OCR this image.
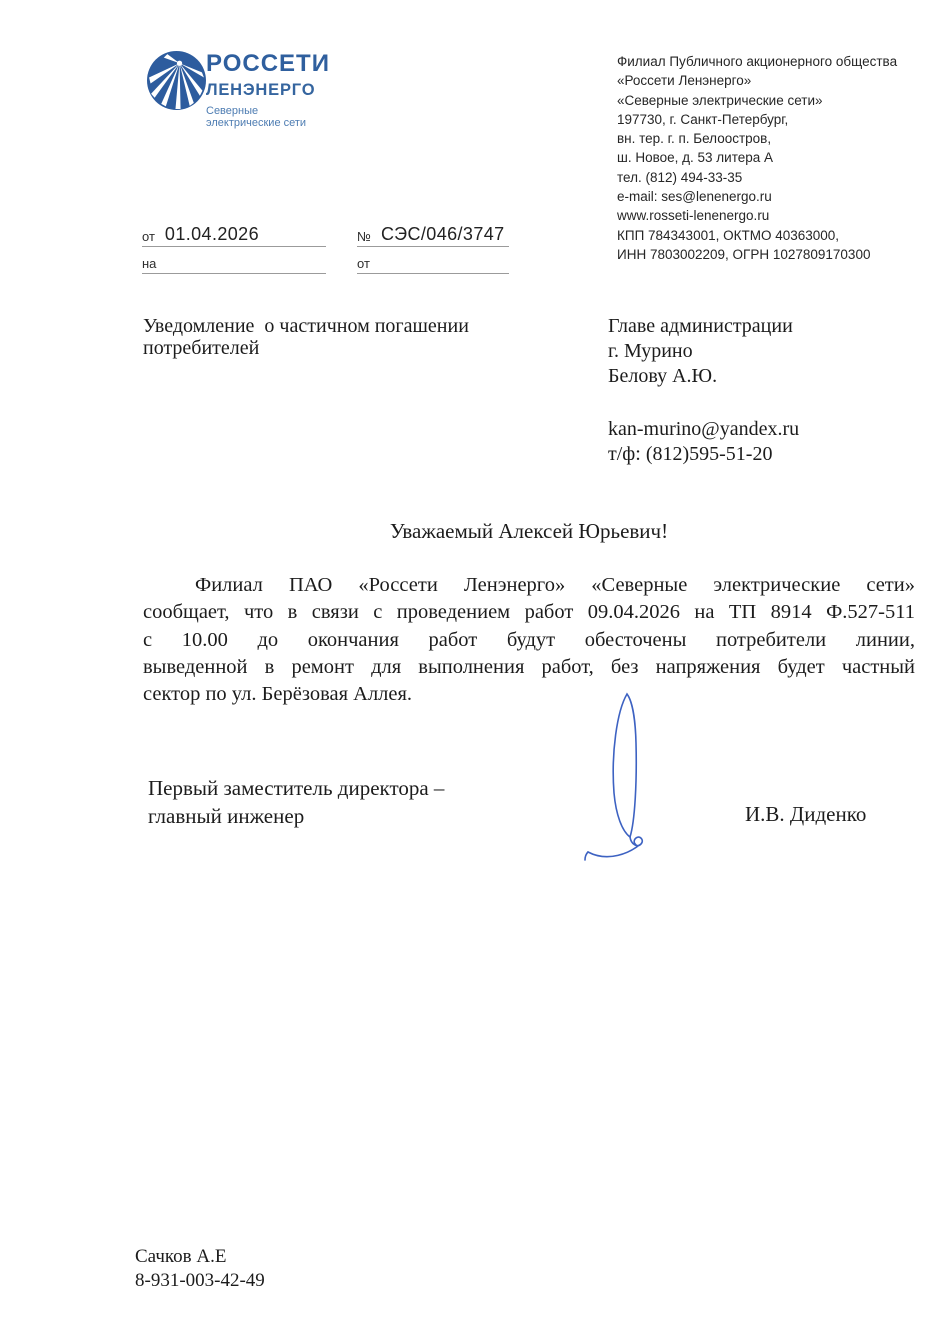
РОССЕТИ
ЛЕНЭНЕРГО
Северные
электрические сети
Филиал Публичного акционерного общества
«Россети Ленэнерго»
«Северные электрические сети»
197730, г. Санкт-Петербург,
вн. тер. г. п. Белоостров,
ш. Новое, д. 53 литера А
тел. (812) 494-33-35
e-mail: ses@lenenergo.ru
www.rosseti-lenenergo.ru
КПП 784343001, ОКТМО 40363000,
ИНН 7803002209, ОГРН 1027809170300
от 01.04.2026	№ СЭС/046/3747
на	от
Уведомление  о частичном погашении потребителей
Главе администрации
г. Мурино
Белову А.Ю.
kan-murino@yandex.ru
т/ф: (812)595-51-20
Уважаемый Алексей Юрьевич!
Филиал ПАО «Россети Ленэнерго» «Северные электрические сети»
сообщает, что в связи с проведением работ 09.04.2026 на ТП 8914 Ф.527-511
с 10.00 до окончания работ будут обесточены потребители линии,
выведенной в ремонт для выполнения работ, без напряжения будет частный
сектор по ул. Берёзовая Аллея.
Первый заместитель директора –
главный инженер	И.В. Диденко
Сачков А.Е
8-931-003-42-49
